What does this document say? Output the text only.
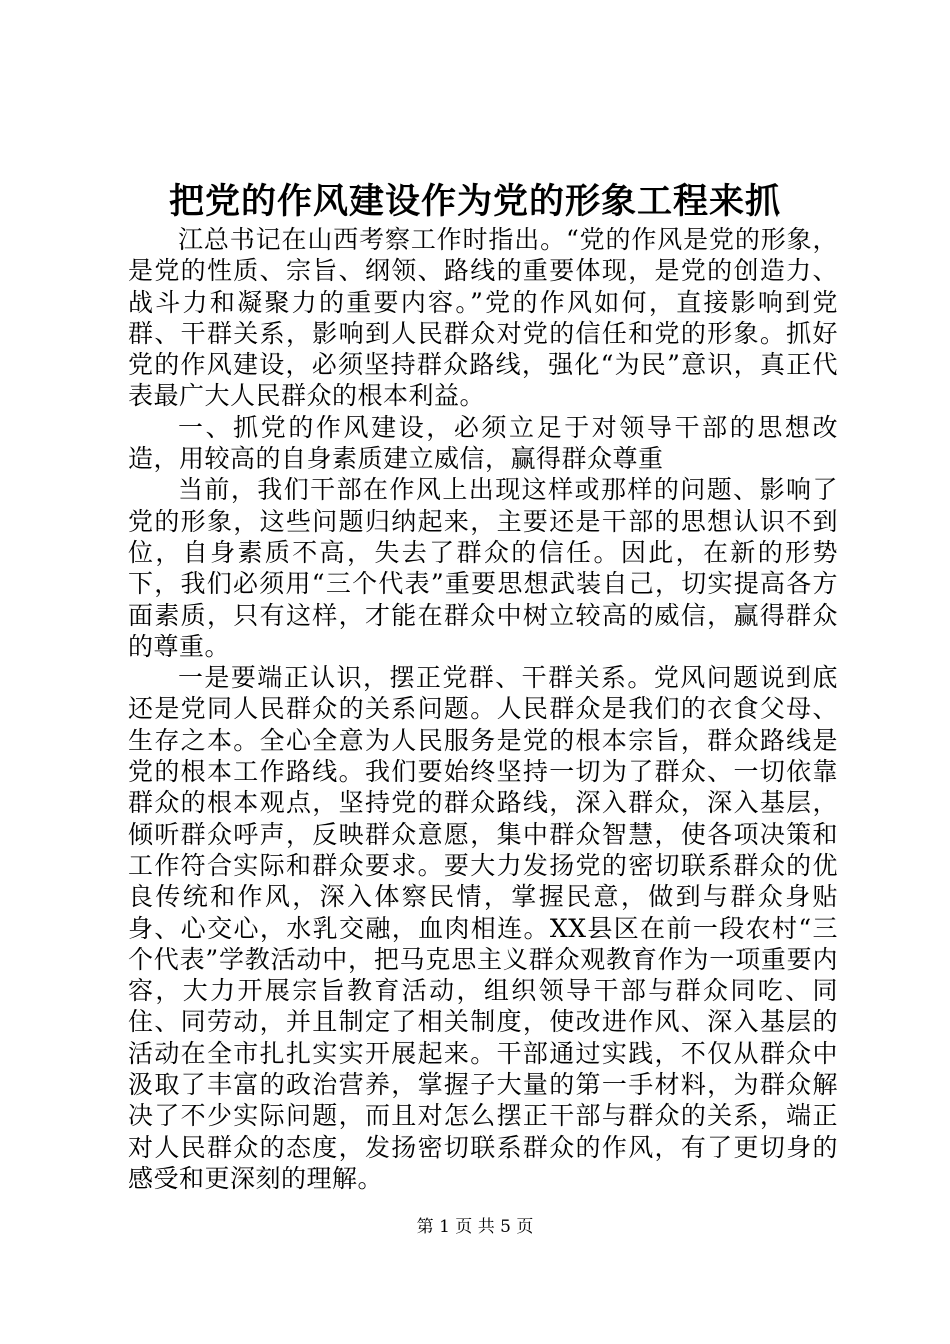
把党的作风建设作为党的形象工程来抓

江总书记在山西考察工作时指出。“党的作风是党的形象，是党的性质、宗旨、纲领、路线的重要体现，是党的创造力、战斗力和凝聚力的重要内容。”党的作风如何，直接影响到党群、干群关系，影响到人民群众对党的信任和党的形象。抓好党的作风建设，必须坚持群众路线，强化“为民”意识，真正代表最广大人民群众的根本利益。

一、抓党的作风建设，必须立足于对领导干部的思想改造，用较高的自身素质建立威信，赢得群众尊重

当前，我们干部在作风上出现这样或那样的问题、影响了党的形象，这些问题归纳起来，主要还是干部的思想认识不到位，自身素质不高，失去了群众的信任。因此，在新的形势下，我们必须用“三个代表”重要思想武装自己，切实提高各方面素质，只有这样，才能在群众中树立较高的威信，赢得群众的尊重。

一是要端正认识，摆正党群、干群关系。党风问题说到底还是党同人民群众的关系问题。人民群众是我们的衣食父母、生存之本。全心全意为人民服务是党的根本宗旨，群众路线是党的根本工作路线。我们要始终坚持一切为了群众、一切依靠群众的根本观点，坚持党的群众路线，深入群众，深入基层，倾听群众呼声，反映群众意愿，集中群众智慧，使各项决策和工作符合实际和群众要求。要大力发扬党的密切联系群众的优良传统和作风，深入体察民情，掌握民意，做到与群众身贴身、心交心，水乳交融，血肉相连。XX县区在前一段农村“三个代表”学教活动中，把马克思主义群众观教育作为一项重要内容，大力开展宗旨教育活动，组织领导干部与群众同吃、同住、同劳动，并且制定了相关制度，使改进作风、深入基层的活动在全市扎扎实实开展起来。干部通过实践，不仅从群众中汲取了丰富的政治营养，掌握子大量的第一手材料，为群众解决了不少实际问题，而且对怎么摆正干部与群众的关系，端正对人民群众的态度，发扬密切联系群众的作风，有了更切身的感受和更深刻的理解。

第 1 页 共 5 页
